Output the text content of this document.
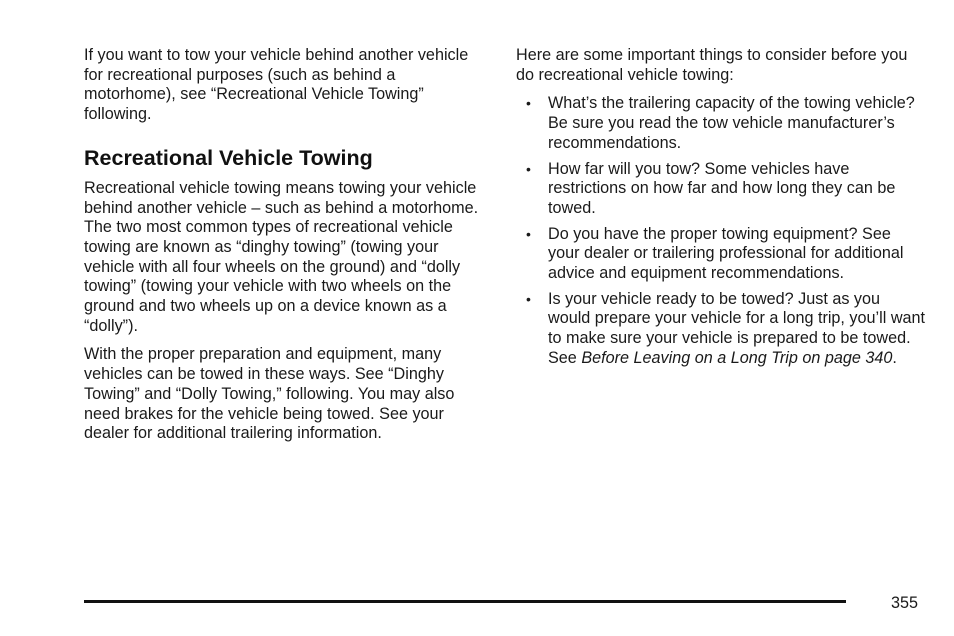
If you want to tow your vehicle behind another vehicle for recreational purposes (such as behind a motorhome), see “Recreational Vehicle Towing” following.

Recreational Vehicle Towing

Recreational vehicle towing means towing your vehicle behind another vehicle – such as behind a motorhome. The two most common types of recreational vehicle towing are known as “dinghy towing” (towing your vehicle with all four wheels on the ground) and “dolly towing” (towing your vehicle with two wheels on the ground and two wheels up on a device known as a “dolly”).

With the proper preparation and equipment, many vehicles can be towed in these ways. See “Dinghy Towing” and “Dolly Towing,” following. You may also need brakes for the vehicle being towed. See your dealer for additional trailering information.

Here are some important things to consider before you do recreational vehicle towing:

• What’s the trailering capacity of the towing vehicle? Be sure you read the tow vehicle manufacturer’s recommendations.
• How far will you tow? Some vehicles have restrictions on how far and how long they can be towed.
• Do you have the proper towing equipment? See your dealer or trailering professional for additional advice and equipment recommendations.
• Is your vehicle ready to be towed? Just as you would prepare your vehicle for a long trip, you’ll want to make sure your vehicle is prepared to be towed. See Before Leaving on a Long Trip on page 340.
355
